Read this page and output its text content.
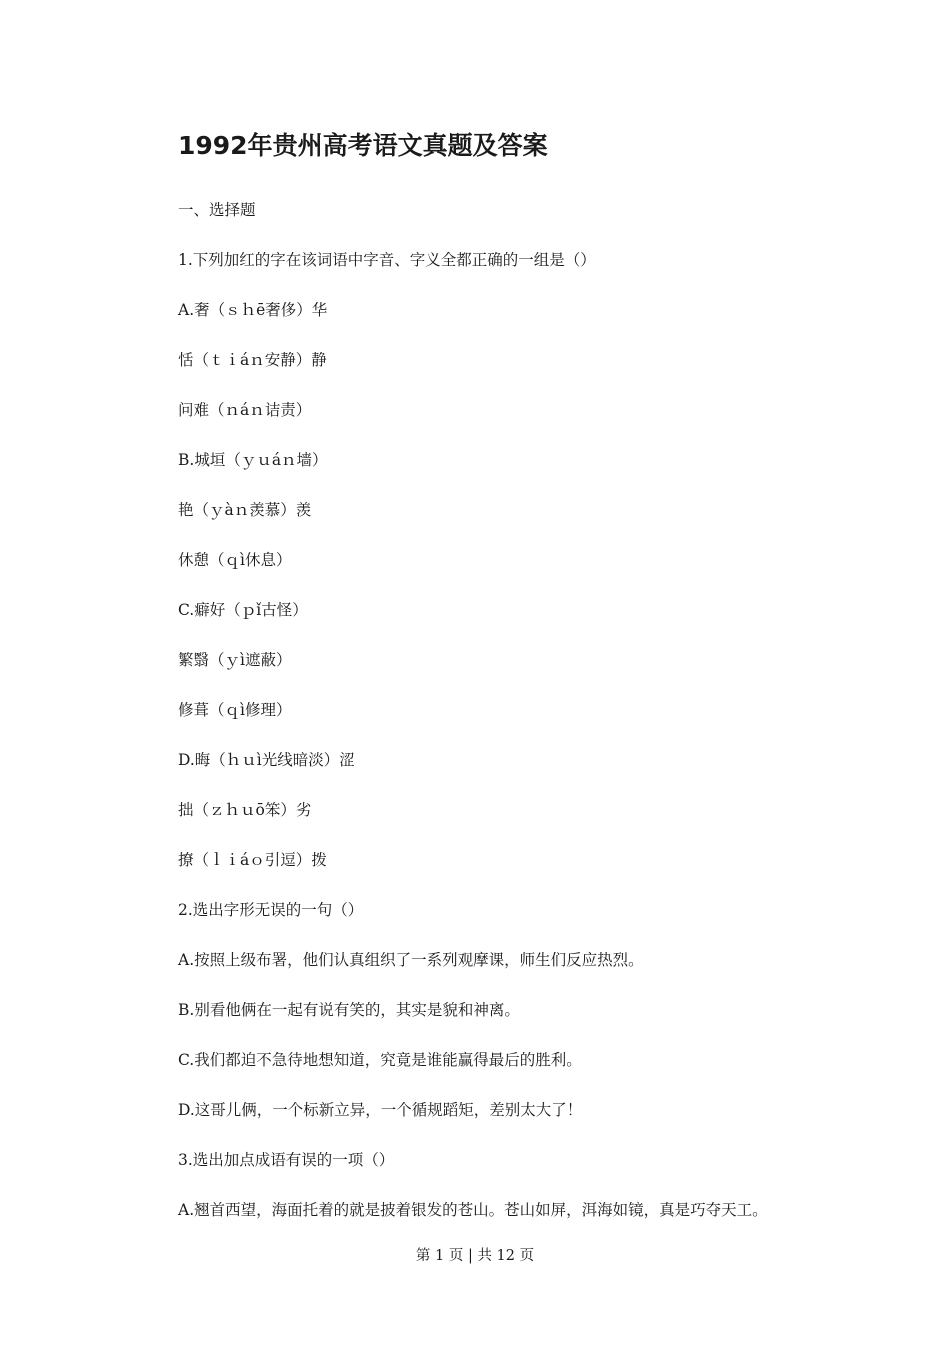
1992年贵州高考语文真题及答案
一、选择题
1.下列加红的字在该词语中字音、字义全都正确的一组是（）
A.奢（ｓｈē奢侈）华
恬（ｔｉáｎ安静）静
问难（ｎáｎ诘责）
B.城垣（ｙｕáｎ墙）
艳（ｙàｎ羡慕）羡
休憩（ｑì休息）
C.癖好（ｐǐ古怪）
繁翳（ｙì遮蔽）
修葺（ｑì修理）
D.晦（ｈｕì光线暗淡）涩
拙（ｚｈｕō笨）劣
撩（ｌｉáｏ引逗）拨
2.选出字形无误的一句（）
A.按照上级布署，他们认真组织了一系列观摩课，师生们反应热烈。
B.别看他俩在一起有说有笑的，其实是貌和神离。
C.我们都迫不急待地想知道，究竟是谁能赢得最后的胜利。
D.这哥儿俩，一个标新立异，一个循规蹈矩，差别太大了！
3.选出加点成语有误的一项（）
A.翘首西望，海面托着的就是披着银发的苍山。苍山如屏，洱海如镜，真是巧夺天工。
第 1 页 | 共 12 页
